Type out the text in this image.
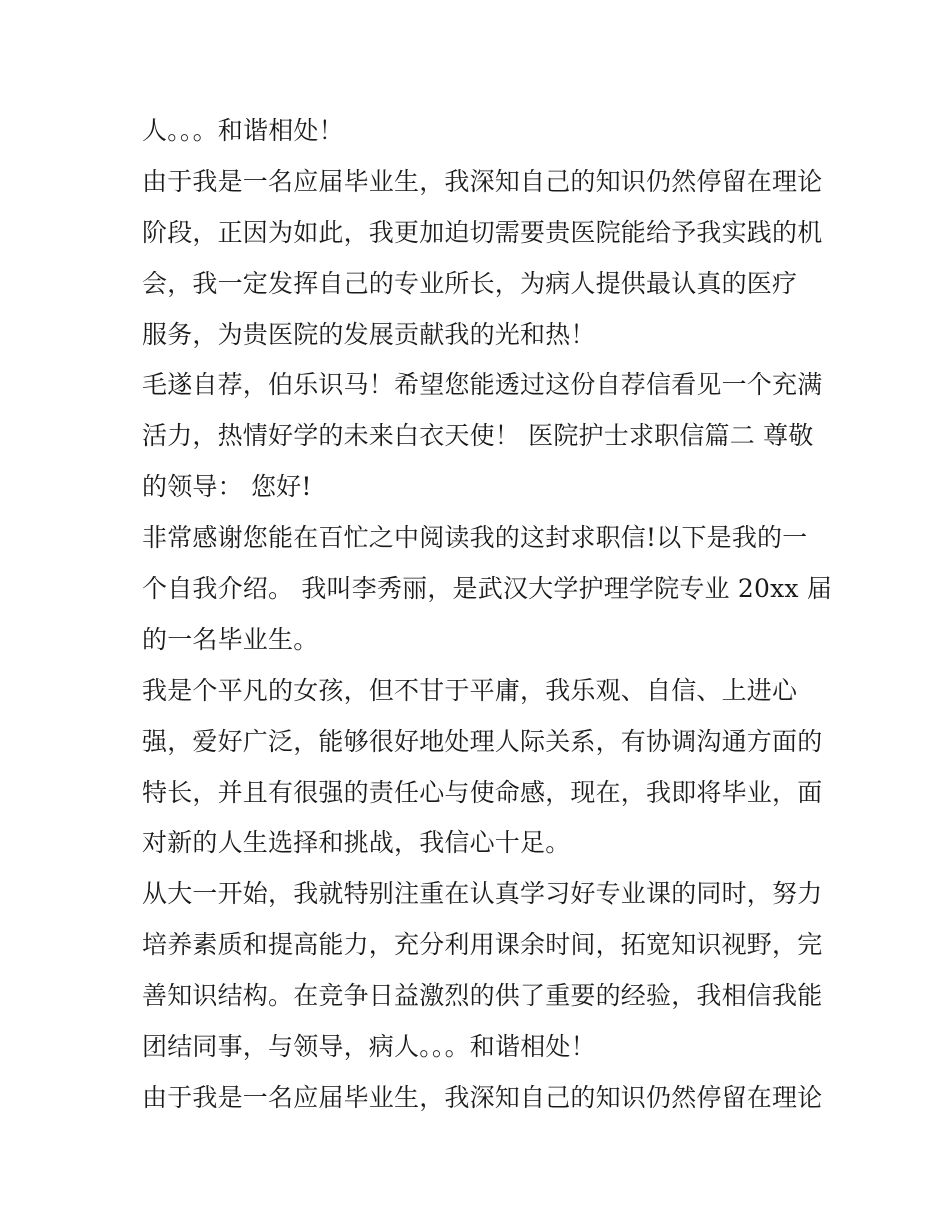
人。。。和谐相处！
由于我是一名应届毕业生，我深知自己的知识仍然停留在理论
阶段，正因为如此，我更加迫切需要贵医院能给予我实践的机
会，我一定发挥自己的专业所长，为病人提供最认真的医疗
服务，为贵医院的发展贡献我的光和热！
毛遂自荐，伯乐识马！希望您能透过这份自荐信看见一个充满
活力，热情好学的未来白衣天使！ 医院护士求职信篇二 尊敬
的领导： 您好!
非常感谢您能在百忙之中阅读我的这封求职信!以下是我的一
个自我介绍。 我叫李秀丽，是武汉大学护理学院专业 20xx 届
的一名毕业生。
我是个平凡的女孩，但不甘于平庸，我乐观、自信、上进心
强，爱好广泛，能够很好地处理人际关系，有协调沟通方面的
特长，并且有很强的责任心与使命感，现在，我即将毕业，面
对新的人生选择和挑战，我信心十足。
从大一开始，我就特别注重在认真学习好专业课的同时，努力
培养素质和提高能力，充分利用课余时间，拓宽知识视野，完
善知识结构。在竞争日益激烈的供了重要的经验，我相信我能
团结同事，与领导，病人。。。和谐相处！
由于我是一名应届毕业生，我深知自己的知识仍然停留在理论
